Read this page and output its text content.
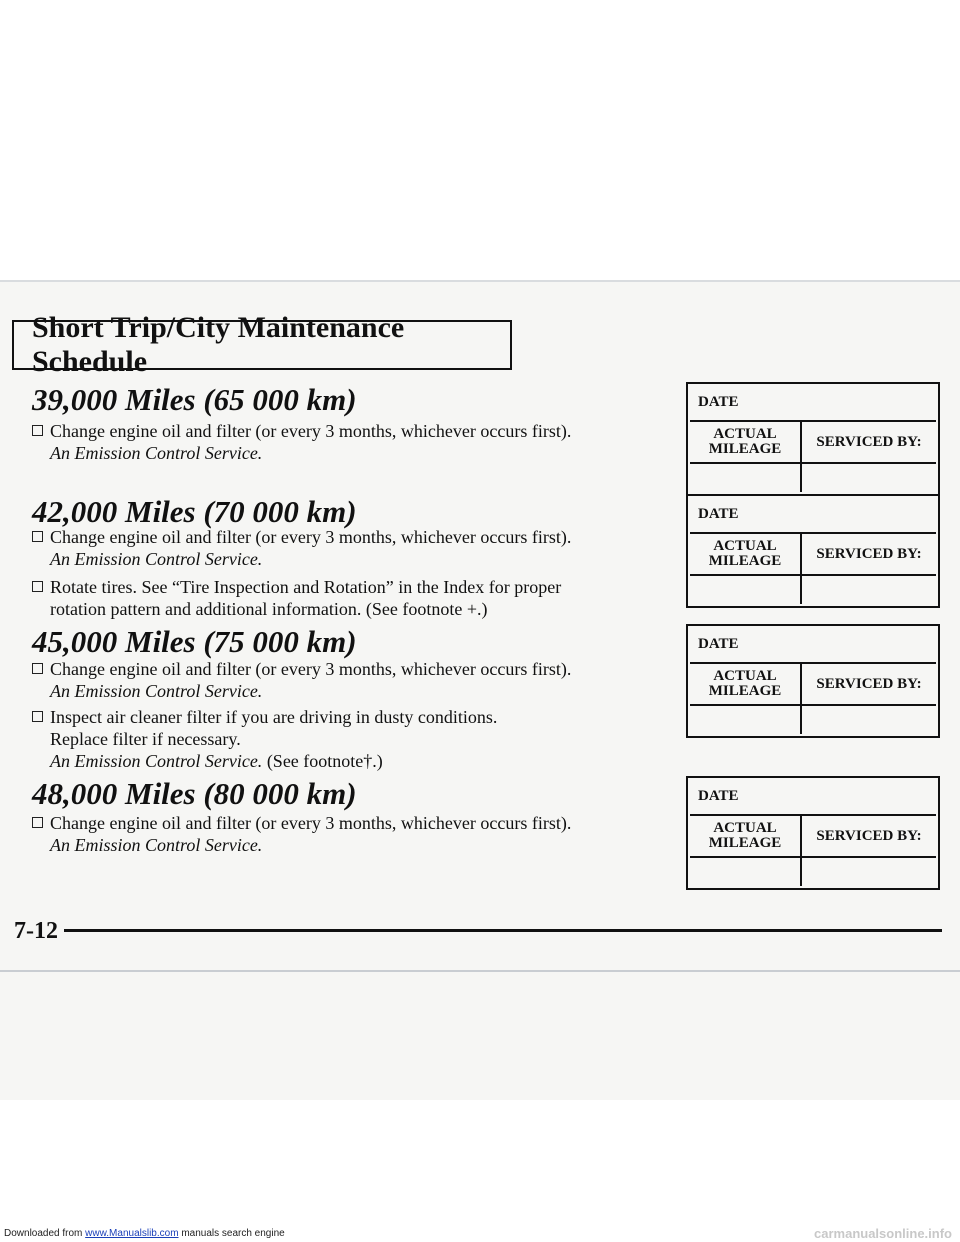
Short Trip/City Maintenance Schedule
39,000 Miles (65 000 km)
Change engine oil and filter (or every 3 months, whichever occurs first).
An Emission Control Service.
42,000 Miles (70 000 km)
Change engine oil and filter (or every 3 months, whichever occurs first).
An Emission Control Service.
Rotate tires. See “Tire Inspection and Rotation” in the Index for proper
rotation pattern and additional information. (See footnote +.)
45,000 Miles (75 000 km)
Change engine oil and filter (or every 3 months, whichever occurs first).
An Emission Control Service.
Inspect air cleaner filter if you are driving in dusty conditions.
Replace filter if necessary.
An Emission Control Service. (See footnote†.)
48,000 Miles (80 000 km)
Change engine oil and filter (or every 3 months, whichever occurs first).
An Emission Control Service.
DATE
ACTUAL
MILEAGE	SERVICED BY:
DATE
ACTUAL
MILEAGE	SERVICED BY:
DATE
ACTUAL
MILEAGE	SERVICED BY:
DATE
ACTUAL
MILEAGE	SERVICED BY:
7-12
Downloaded from www.Manualslib.com manuals search engine	carmanualsonline.info
